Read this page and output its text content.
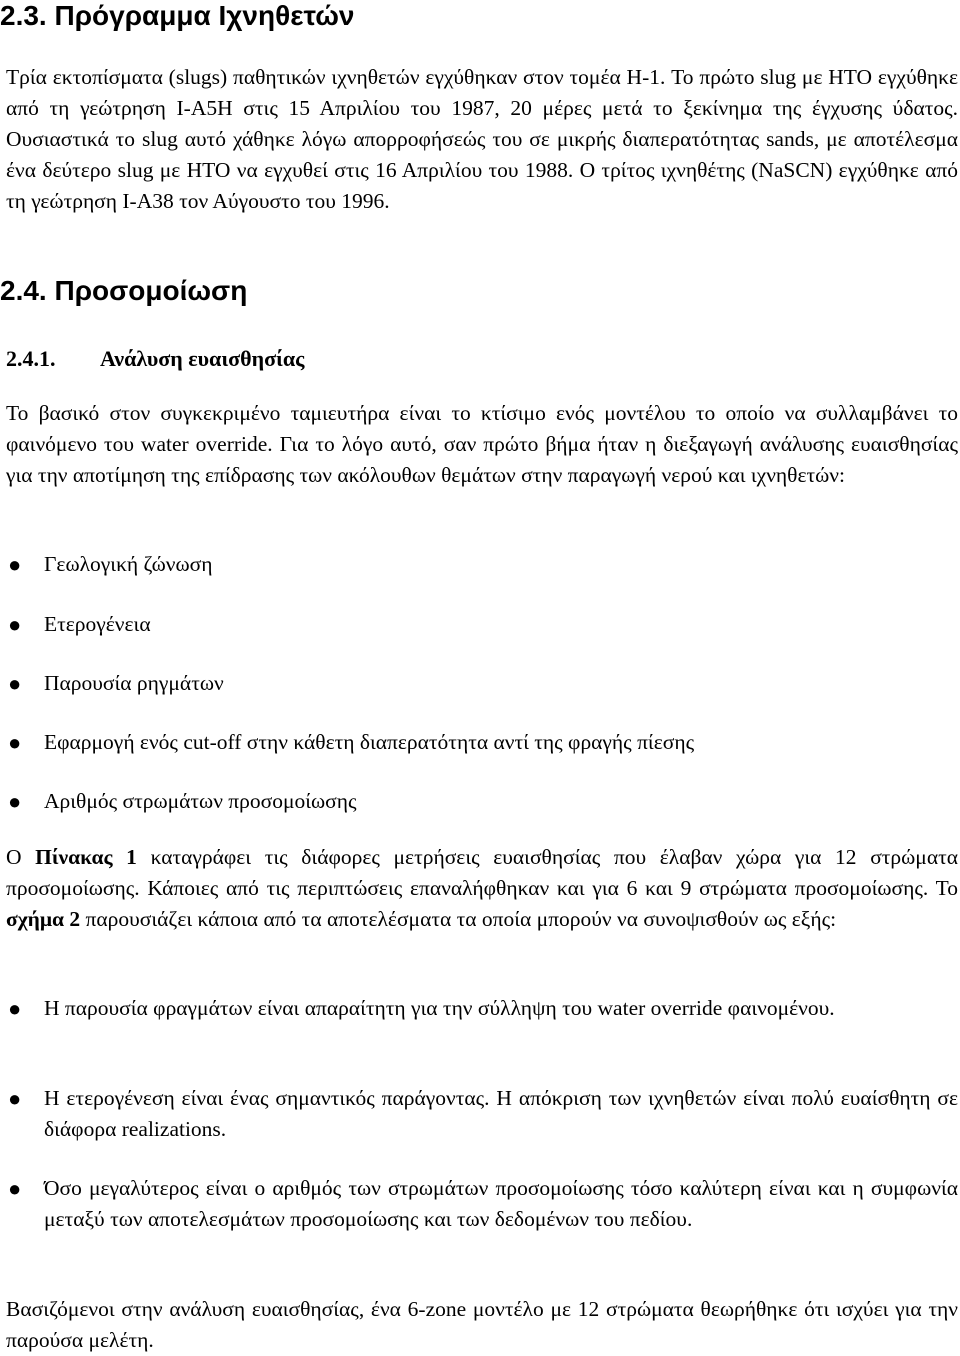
2.3. Πρόγραμμα Ιχνηθετών

Τρία εκτοπίσματα (slugs) παθητικών ιχνηθετών εγχύθηκαν στον τομέα H-1. Το πρώτο slug με HTO εγχύθηκε από τη γεώτρηση I-A5H στις 15 Απριλίου του 1987, 20 μέρες μετά το ξεκίνημα της έγχυσης ύδατος. Ουσιαστικά το slug αυτό χάθηκε λόγω απορροφήσεώς του σε μικρής διαπερατότητας sands, με αποτέλεσμα ένα δεύτερο slug με HTO να εγχυθεί στις 16 Απριλίου του 1988. Ο τρίτος ιχνηθέτης (NaSCN) εγχύθηκε από τη γεώτρηση I-A38 τον Αύγουστο του 1996.

2.4. Προσομοίωση
2.4.1. Ανάλυση ευαισθησίας

Το βασικό στον συγκεκριμένο ταμιευτήρα είναι το κτίσιμο ενός μοντέλου το οποίο να συλλαμβάνει το φαινόμενο του water override. Για το λόγο αυτό, σαν πρώτο βήμα ήταν η διεξαγωγή ανάλυσης ευαισθησίας για την αποτίμηση της επίδρασης των ακόλουθων θεμάτων στην παραγωγή νερού και ιχνηθετών:

● Γεωλογική ζώνωση
● Ετερογένεια
● Παρουσία ρηγμάτων
● Εφαρμογή ενός cut-off στην κάθετη διαπερατότητα αντί της φραγής πίεσης
● Αριθμός στρωμάτων προσομοίωσης

Ο Πίνακας 1 καταγράφει τις διάφορες μετρήσεις ευαισθησίας που έλαβαν χώρα για 12 στρώματα προσομοίωσης. Κάποιες από τις περιπτώσεις επαναλήφθηκαν και για 6 και 9 στρώματα προσομοίωσης. Το σχήμα 2 παρουσιάζει κάποια από τα αποτελέσματα τα οποία μπορούν να συνοψισθούν ως εξής:

● Η παρουσία φραγμάτων είναι απαραίτητη για την σύλληψη του water override φαινομένου.
● Η ετερογένεση είναι ένας σημαντικός παράγοντας. Η απόκριση των ιχνηθετών είναι πολύ ευαίσθητη σε διάφορα realizations.
● Όσο μεγαλύτερος είναι ο αριθμός των στρωμάτων προσομοίωσης τόσο καλύτερη είναι και η συμφωνία μεταξύ των αποτελεσμάτων προσομοίωσης και των δεδομένων του πεδίου.

Βασιζόμενοι στην ανάλυση ευαισθησίας, ένα 6-zone μοντέλο με 12 στρώματα θεωρήθηκε ότι ισχύει για την παρούσα μελέτη.
